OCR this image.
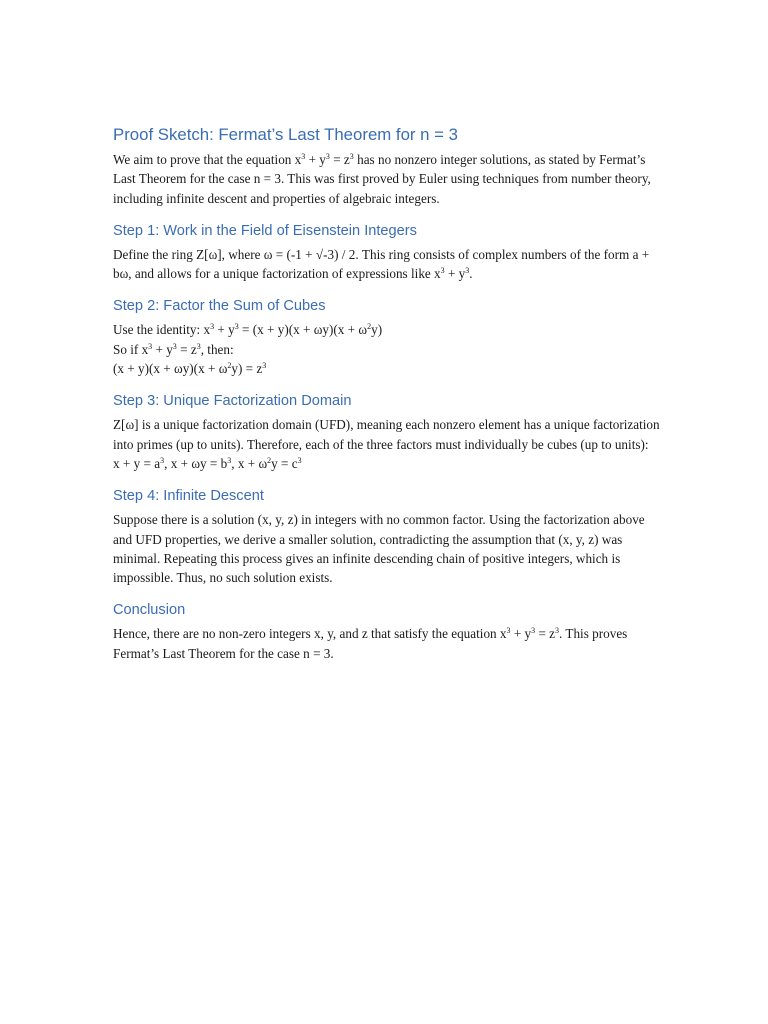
Proof Sketch: Fermat’s Last Theorem for n = 3

We aim to prove that the equation $x^3 + y^3 = z^3$ has no nonzero integer solutions, as stated by Fermat’s Last Theorem for the case n = 3. This was first proved by Euler using techniques from number theory, including infinite descent and properties of algebraic integers.

Step 1: Work in the Field of Eisenstein Integers

Define the ring Z[ω], where ω = (-1 + √-3) / 2. This ring consists of complex numbers of the form a + bω, and allows for a unique factorization of expressions like $x^3 + y^3$.

Step 2: Factor the Sum of Cubes

Use the identity: $x^3 + y^3 = (x + y)(x + \omega y)(x + \omega^2y)$
So if $x^3 + y^3 = z^3$, then:
$(x + y)(x + \omega y)(x + \omega^2y) = z^3$

Step 3: Unique Factorization Domain

Z[ω] is a unique factorization domain (UFD), meaning each nonzero element has a unique factorization into primes (up to units). Therefore, each of the three factors must individually be cubes (up to units):
$x + y = a^3$, $x + \omega y = b^3$, $x + \omega^2y = c^3$

Step 4: Infinite Descent

Suppose there is a solution (x, y, z) in integers with no common factor. Using the factorization above and UFD properties, we derive a smaller solution, contradicting the assumption that (x, y, z) was minimal. Repeating this process gives an infinite descending chain of positive integers, which is impossible. Thus, no such solution exists.

Conclusion

Hence, there are no non-zero integers x, y, and z that satisfy the equation $x^3 + y^3 = z^3$. This proves Fermat’s Last Theorem for the case n = 3.
